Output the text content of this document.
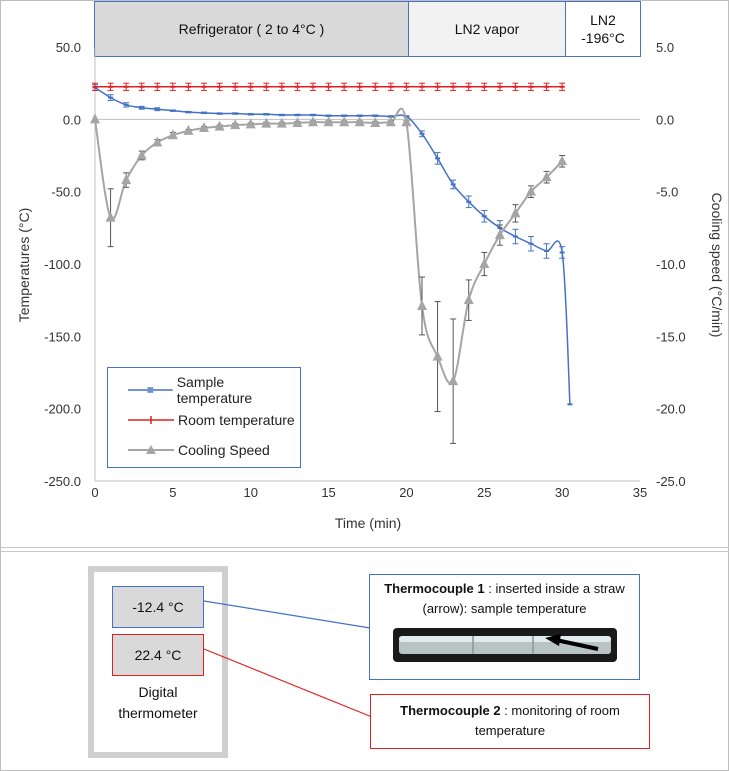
Refrigerator ( 2 to 4°C )	LN2 vapor
LN2
-196°C
0	5	10	15	20	25	30	35
50.0
0.0
-50.0
-100.0
-150.0
-200.0
-250.0
5.0
0.0
-5.0
-10.0
-15.0
-20.0
-25.0
Time (min)
Temperatures (°C)	Cooling speed (°C/min)
Sample temperature
Room temperature
Cooling Speed
-12.4 °C
22.4 °C
Digital
thermometer
Thermocouple 1 : inserted inside a straw (arrow): sample temperature
Thermocouple 2 : monitoring of room temperature
